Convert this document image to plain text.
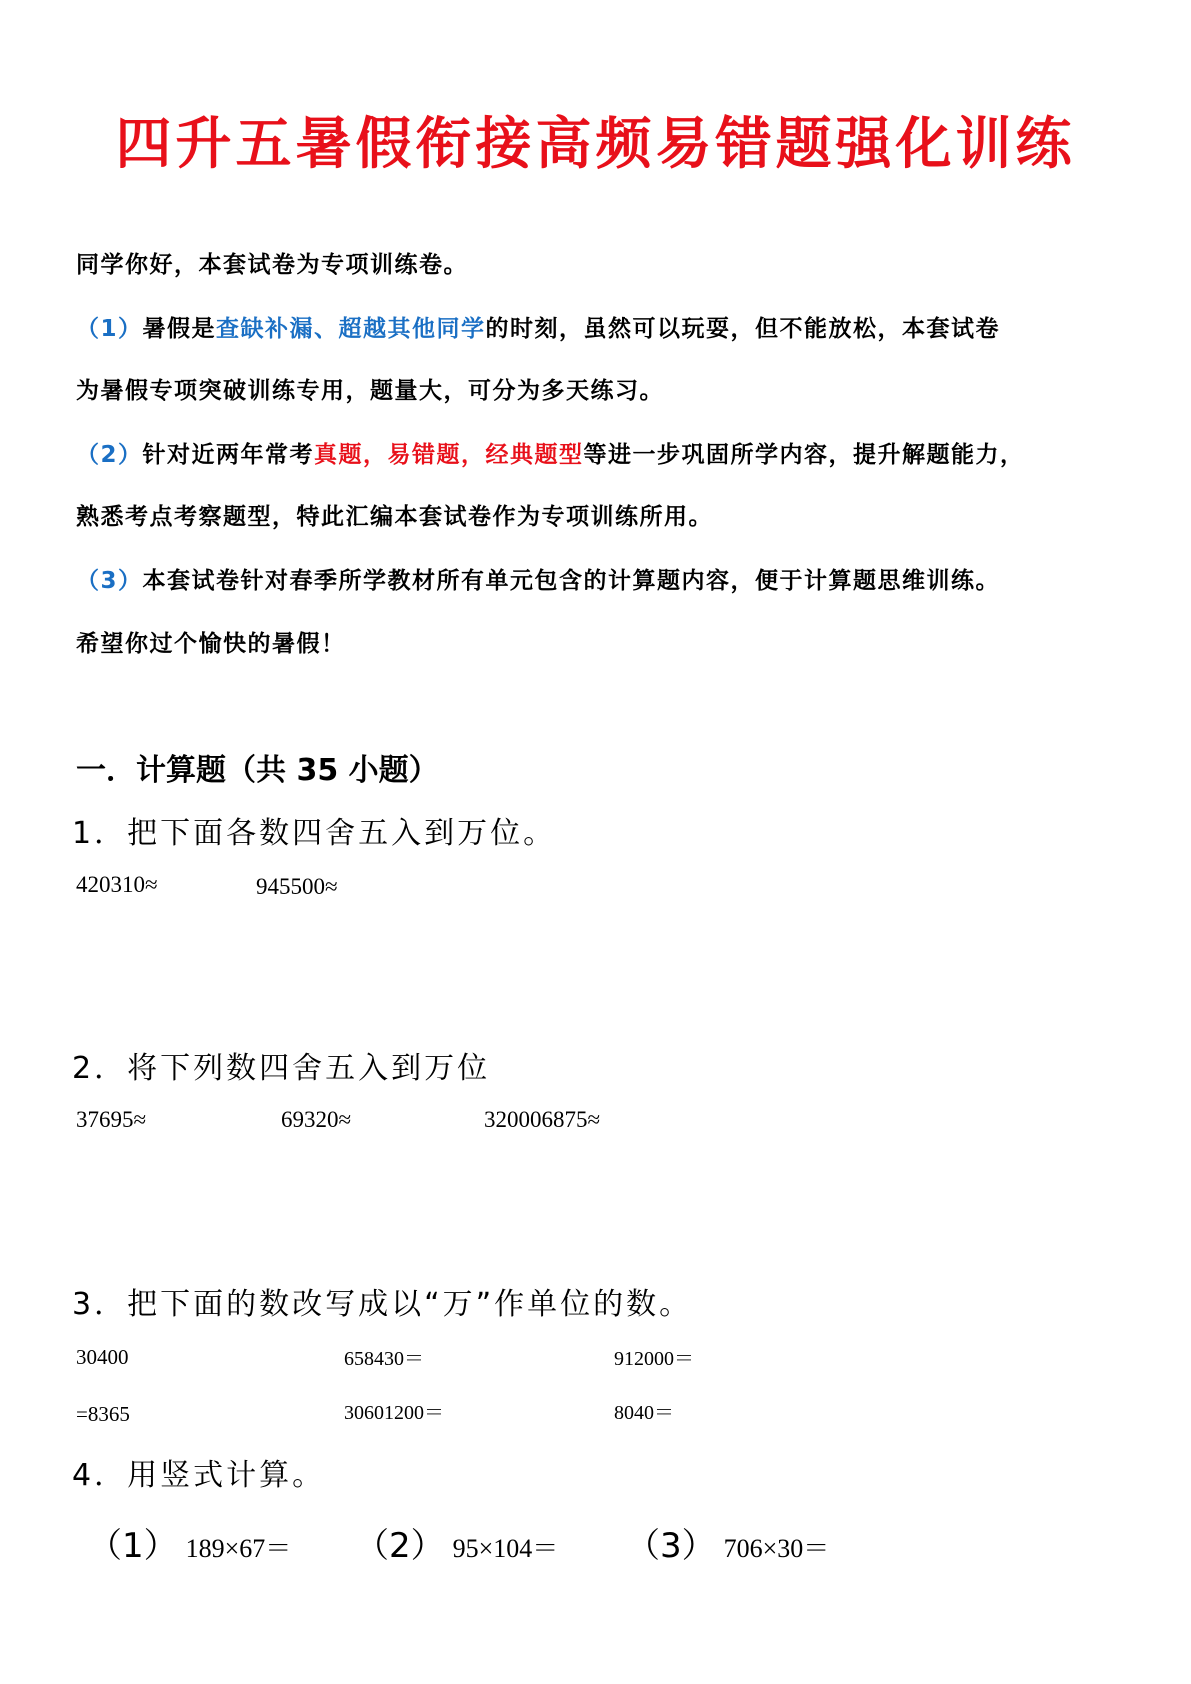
四升五暑假衔接高频易错题强化训练
同学你好，本套试卷为专项训练卷。
（1）暑假是查缺补漏、超越其他同学的时刻，虽然可以玩耍，但不能放松，本套试卷
为暑假专项突破训练专用，题量大，可分为多天练习。
（2）针对近两年常考真题，易错题，经典题型等进一步巩固所学内容，提升解题能力，
熟悉考点考察题型，特此汇编本套试卷作为专项训练所用。
（3）本套试卷针对春季所学教材所有单元包含的计算题内容，便于计算题思维训练。
希望你过个愉快的暑假！
一．计算题（共 35 小题）
1．把下面各数四舍五入到万位。
420310≈	945500≈
2．将下列数四舍五入到万位
37695≈	69320≈	320006875≈
3．把下面的数改写成以“万”作单位的数。
30400	658430＝	912000＝
=8365	30601200＝	8040＝
4．用竖式计算。
（1） 189×67＝ （2） 95×104＝ （3） 706×30＝
